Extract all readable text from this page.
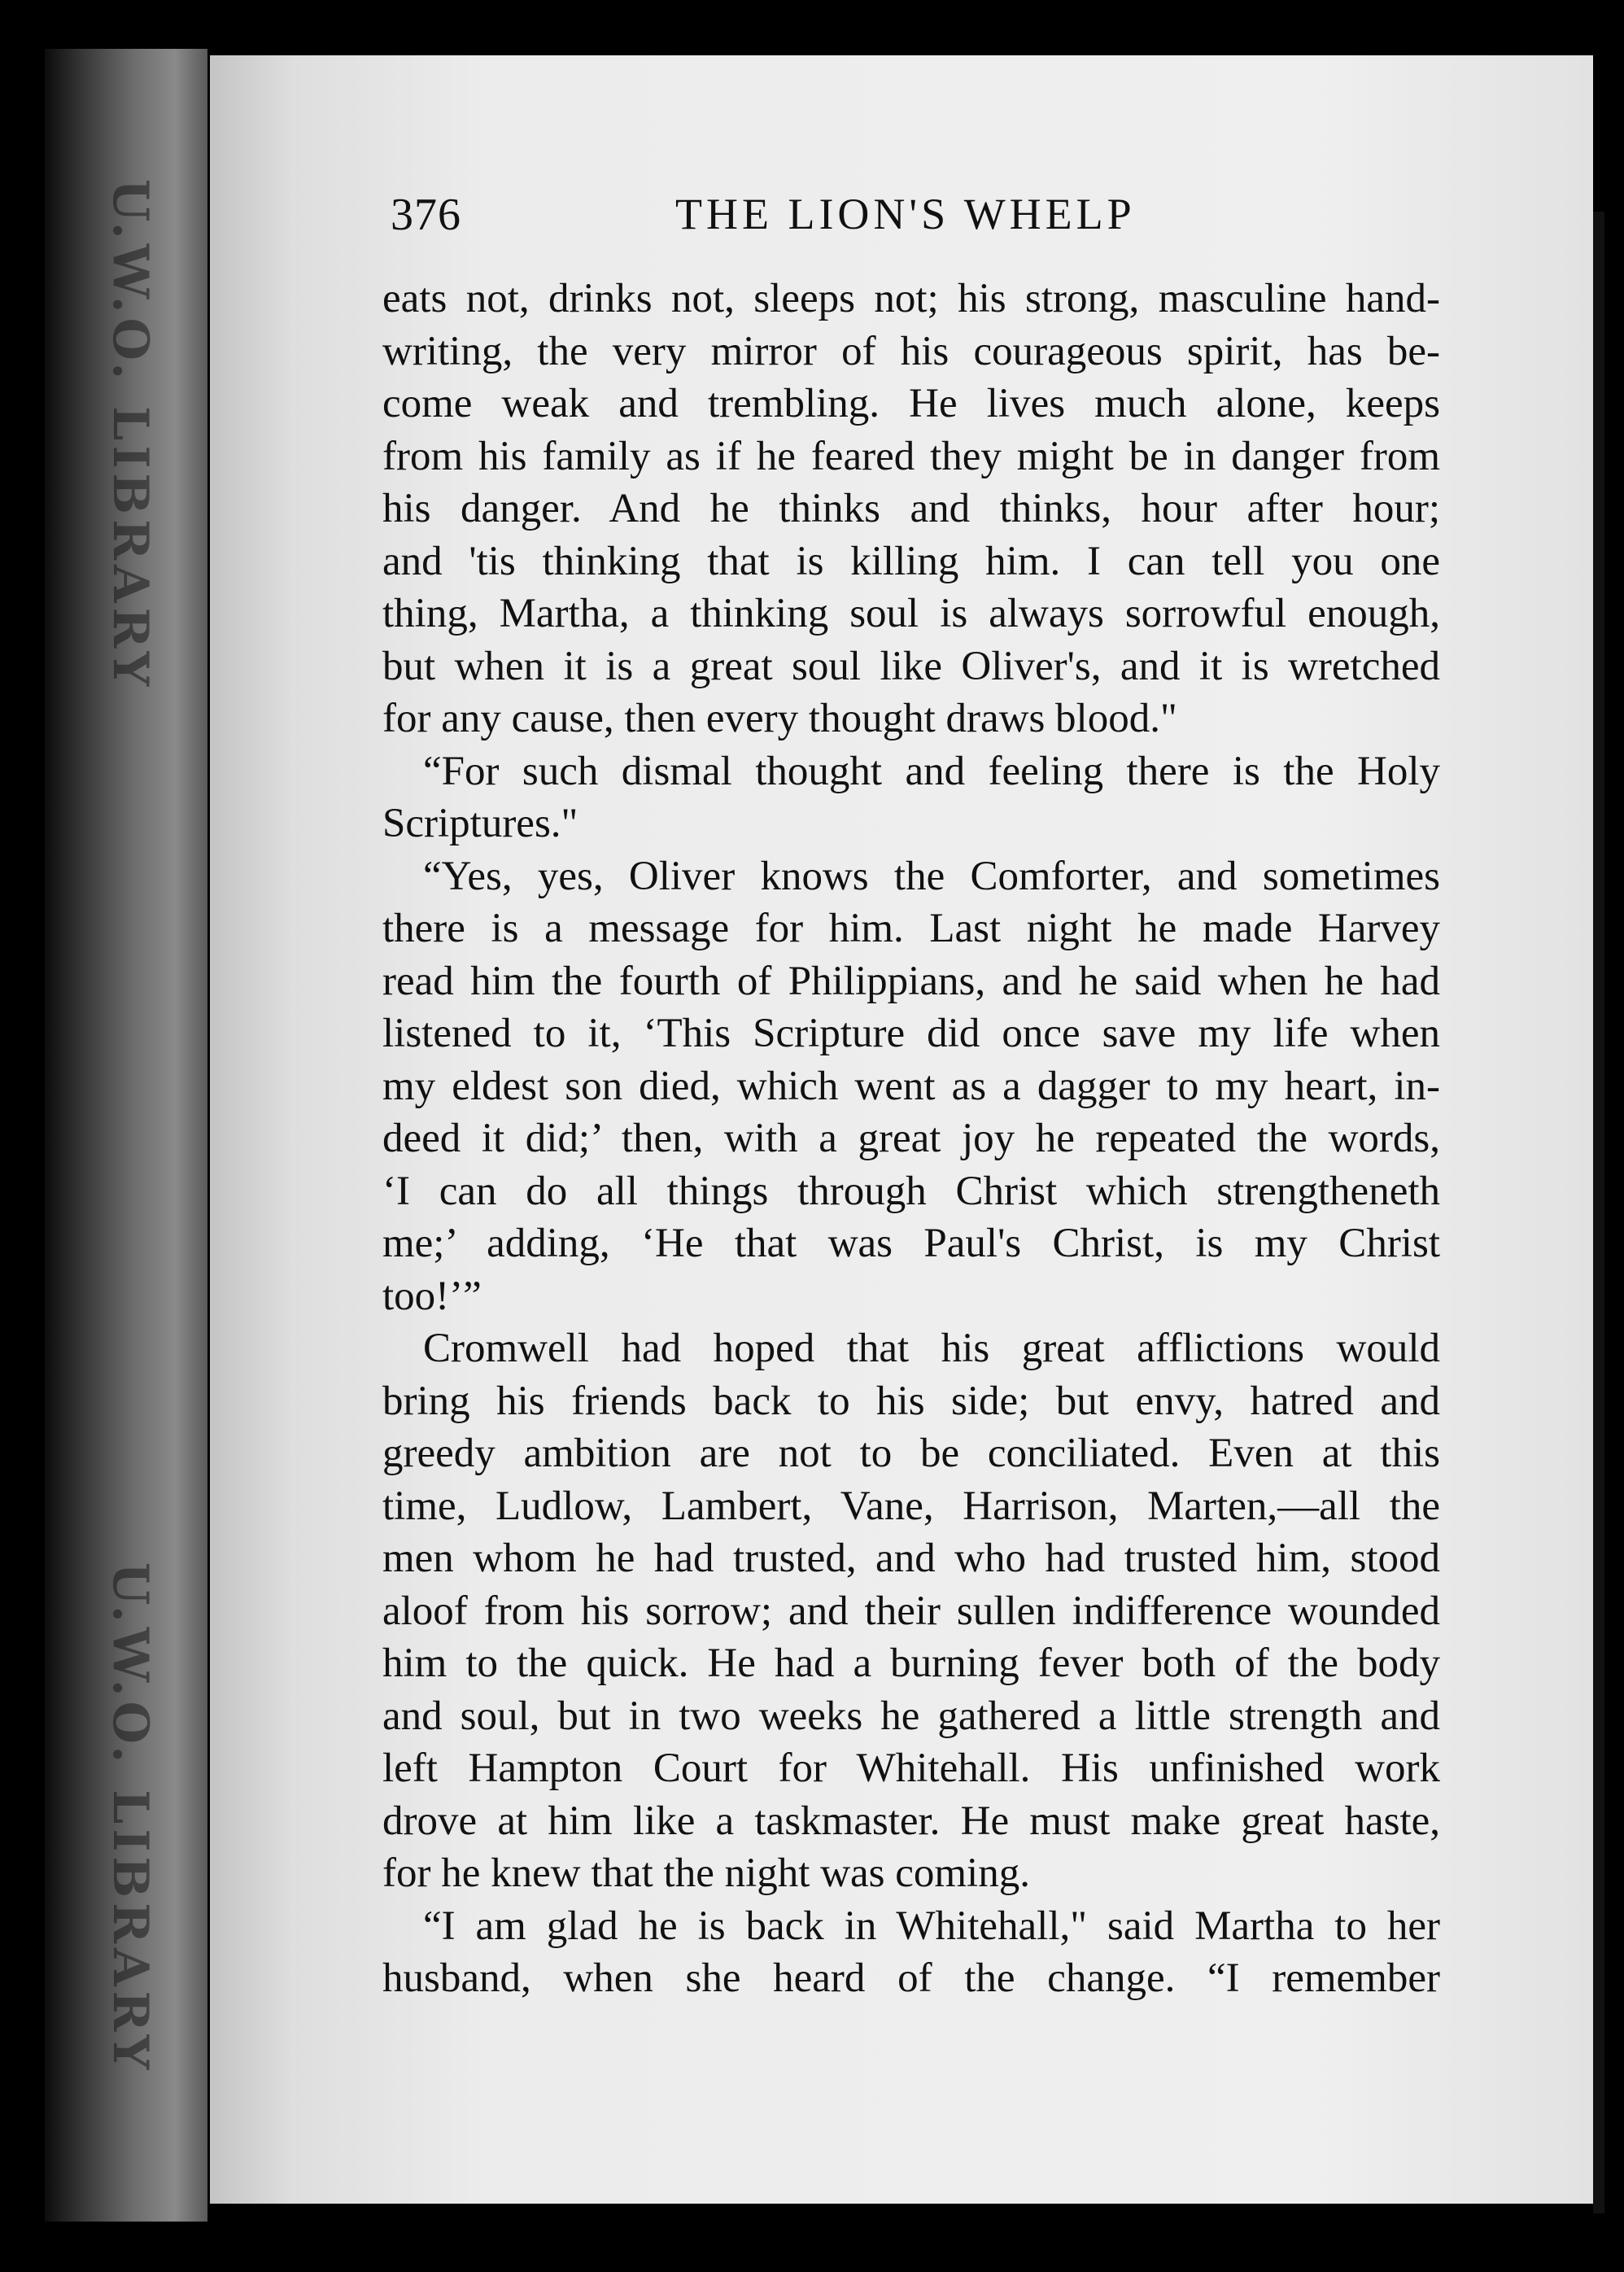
U.W.O. LIBRARY
U.W.O. LIBRARY
376	THE LION'S WHELP
eats not, drinks not, sleeps not; his strong, masculine hand-
writing, the very mirror of his courageous spirit, has be-
come weak and trembling. He lives much alone, keeps
from his family as if he feared they might be in danger from
his danger. And he thinks and thinks, hour after hour;
and 'tis thinking that is killing him. I can tell you one
thing, Martha, a thinking soul is always sorrowful enough,
but when it is a great soul like Oliver's, and it is wretched
for any cause, then every thought draws blood."
“For such dismal thought and feeling there is the Holy
Scriptures."
“Yes, yes, Oliver knows the Comforter, and sometimes
there is a message for him. Last night he made Harvey
read him the fourth of Philippians, and he said when he had
listened to it, ‘This Scripture did once save my life when
my eldest son died, which went as a dagger to my heart, in-
deed it did;’ then, with a great joy he repeated the words,
‘I can do all things through Christ which strengtheneth
me;’ adding, ‘He that was Paul's Christ, is my Christ
too!’”
Cromwell had hoped that his great afflictions would
bring his friends back to his side; but envy, hatred and
greedy ambition are not to be conciliated. Even at this
time, Ludlow, Lambert, Vane, Harrison, Marten,—all the
men whom he had trusted, and who had trusted him, stood
aloof from his sorrow; and their sullen indifference wounded
him to the quick. He had a burning fever both of the body
and soul, but in two weeks he gathered a little strength and
left Hampton Court for Whitehall. His unfinished work
drove at him like a taskmaster. He must make great haste,
for he knew that the night was coming.
“I am glad he is back in Whitehall," said Martha to her
husband, when she heard of the change. “I remember
